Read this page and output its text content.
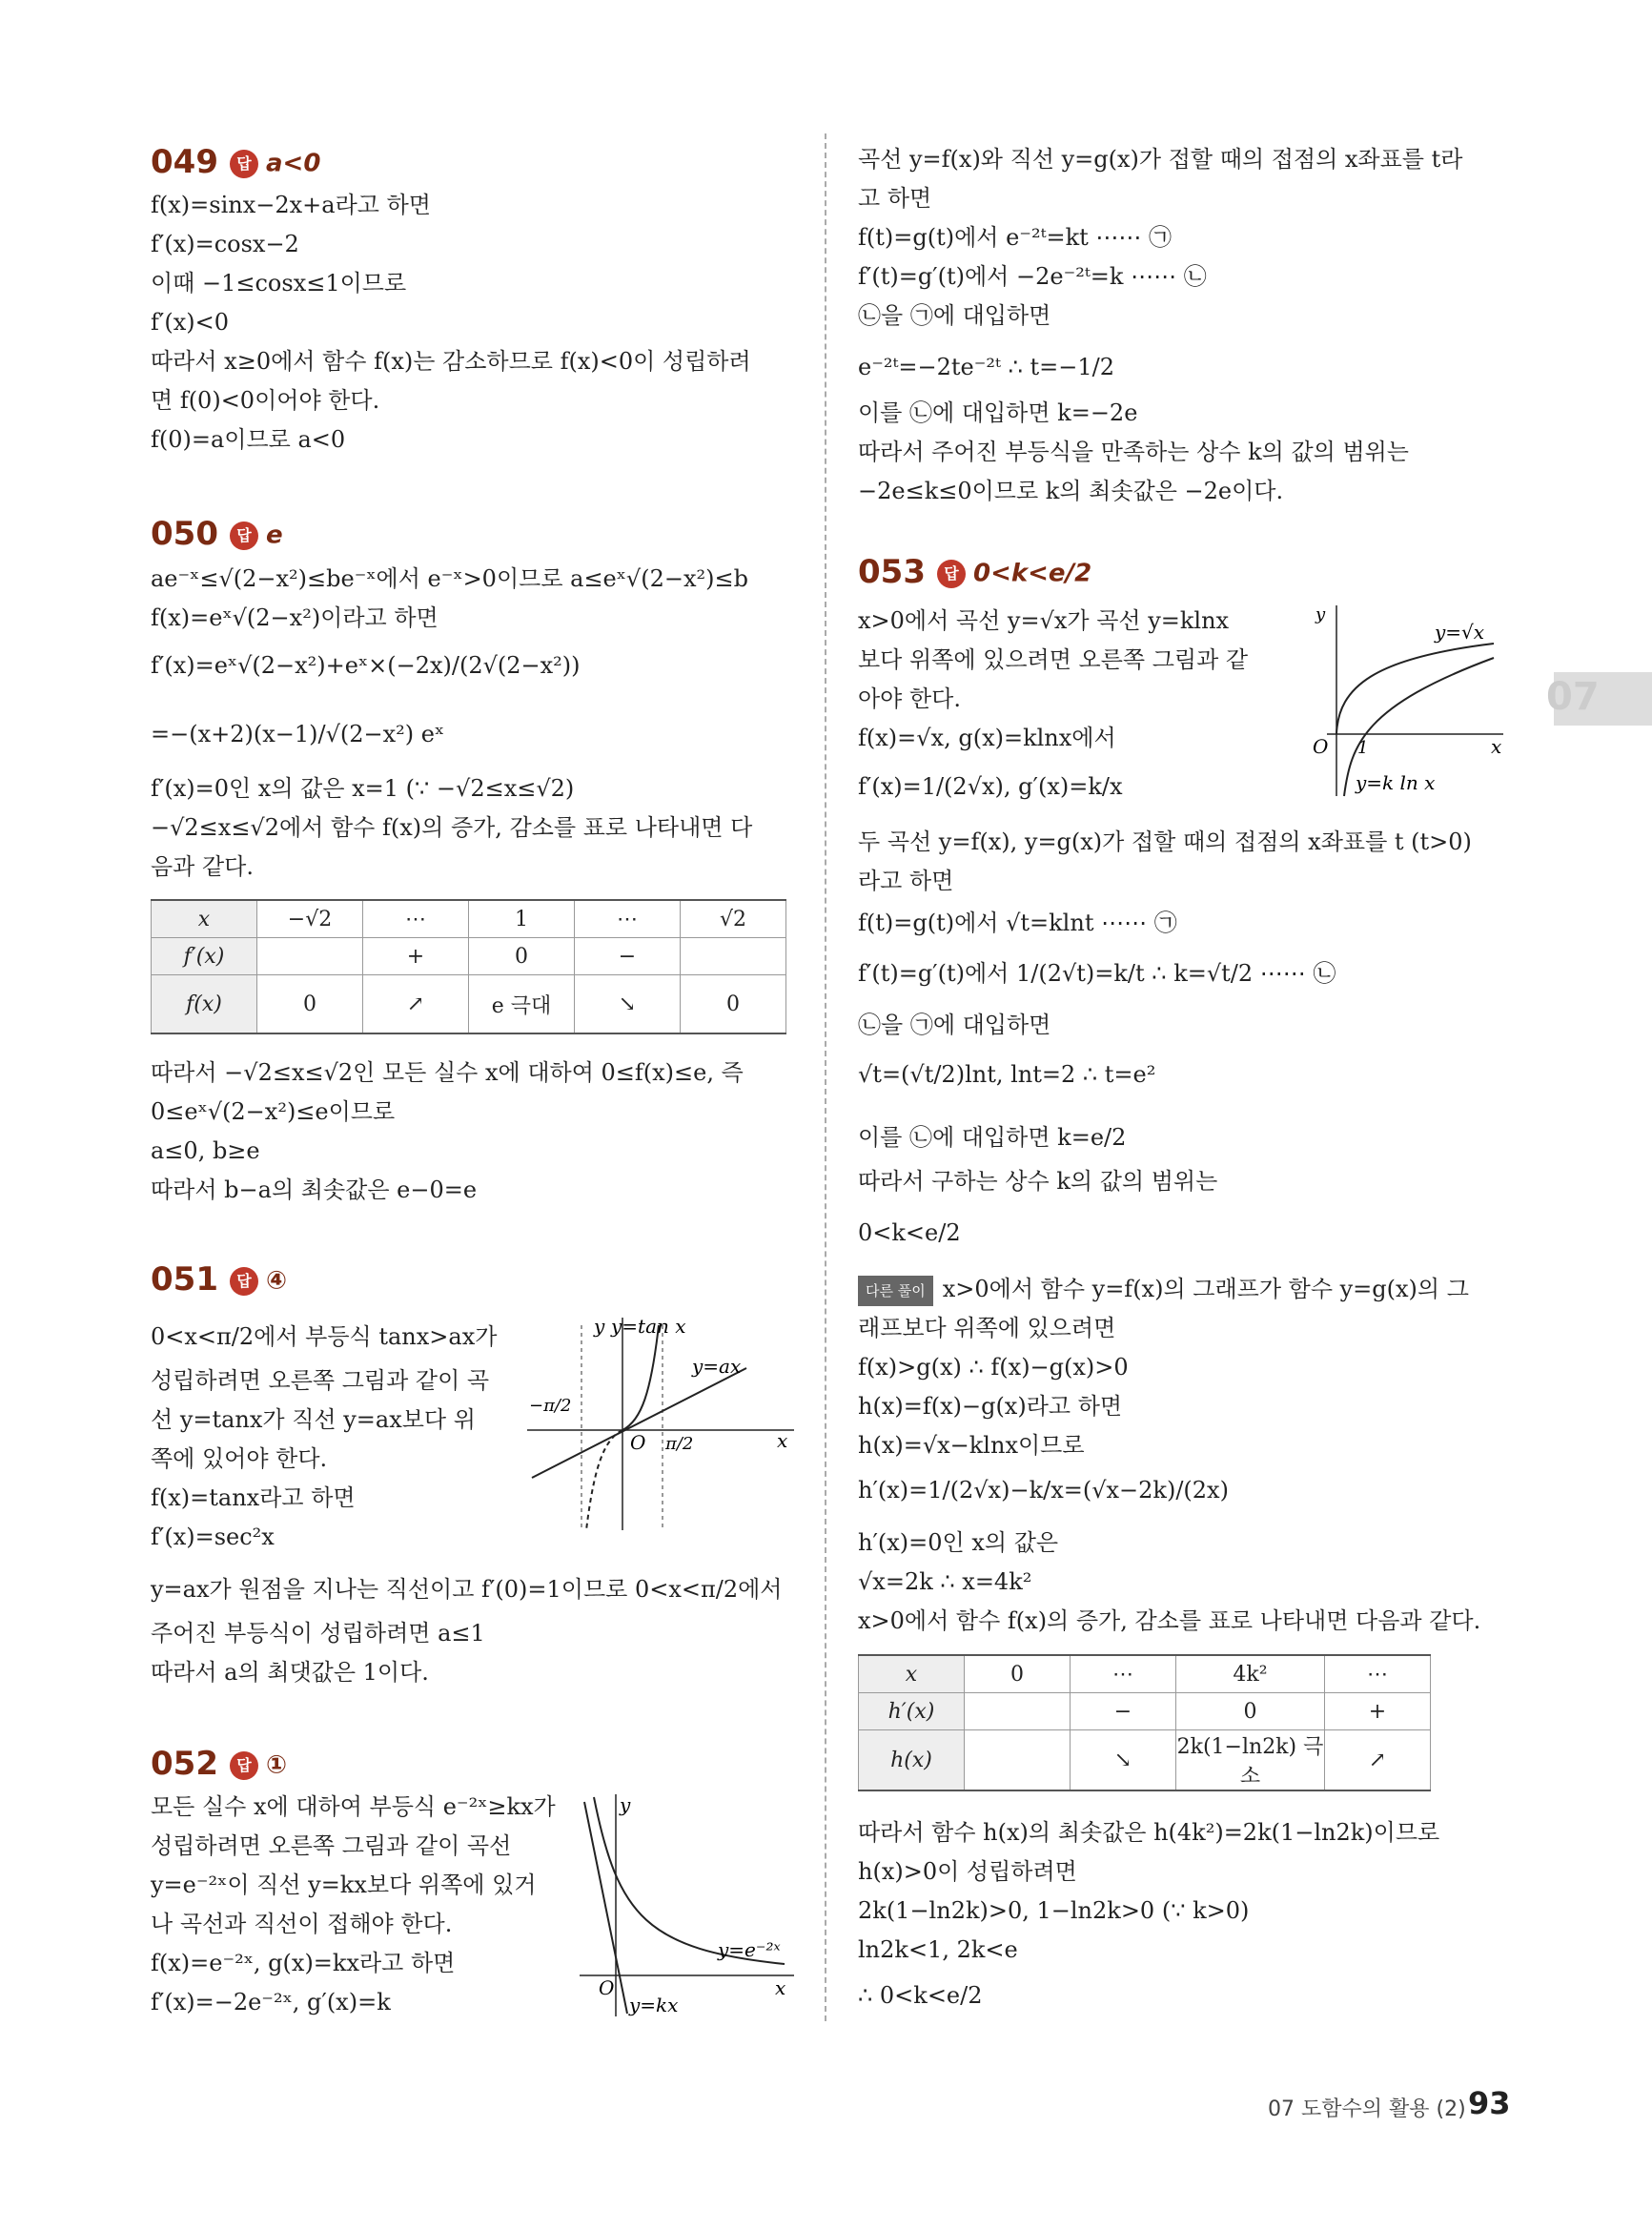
07
049 답 a<0
f(x)=sinx−2x+a라고 하면
f′(x)=cosx−2
이때 −1≤cosx≤1이므로
f′(x)<0
따라서 x≥0에서 함수 f(x)는 감소하므로 f(x)<0이 성립하려
면 f(0)<0이어야 한다.
f(0)=a이므로 a<0
050 답 e
ae⁻ˣ≤√(2−x²)≤be⁻ˣ에서 e⁻ˣ>0이므로 a≤eˣ√(2−x²)≤b
f(x)=eˣ√(2−x²)이라고 하면
f′(x)=eˣ√(2−x²)+eˣ×(−2x)/(2√(2−x²))
=−(x+2)(x−1)/√(2−x²) eˣ
f′(x)=0인 x의 값은 x=1 (∵ −√2≤x≤√2)
−√2≤x≤√2에서 함수 f(x)의 증가, 감소를 표로 나타내면 다
음과 같다.
x	−√2	⋯	1	⋯	√2
f′(x)		+	0	−	
f(x)	0	↗	e 극대	↘	0
따라서 −√2≤x≤√2인 모든 실수 x에 대하여 0≤f(x)≤e, 즉
0≤eˣ√(2−x²)≤e이므로
a≤0, b≥e
따라서 b−a의 최솟값은 e−0=e
051 답 ④
0<x<π/2에서 부등식 tanx>ax가
성립하려면 오른쪽 그림과 같이 곡
선 y=tanx가 직선 y=ax보다 위
쪽에 있어야 한다.
f(x)=tanx라고 하면
f′(x)=sec²x
y=ax가 원점을 지나는 직선이고 f′(0)=1이므로 0<x<π/2에서
주어진 부등식이 성립하려면 a≤1
따라서 a의 최댓값은 1이다.
y y=tan x
y=ax
−π/2
π/2
O	x
052 답 ①
모든 실수 x에 대하여 부등식 e⁻²ˣ≥kx가
성립하려면 오른쪽 그림과 같이 곡선
y=e⁻²ˣ이 직선 y=kx보다 위쪽에 있거
나 곡선과 직선이 접해야 한다.
f(x)=e⁻²ˣ, g(x)=kx라고 하면
f′(x)=−2e⁻²ˣ, g′(x)=k
y
y=e⁻²ˣ
y=kx
O	x
곡선 y=f(x)와 직선 y=g(x)가 접할 때의 접점의 x좌표를 t라
고 하면
f(t)=g(t)에서 e⁻²ᵗ=kt ⋯⋯ ㉠
f′(t)=g′(t)에서 −2e⁻²ᵗ=k ⋯⋯ ㉡
㉡을 ㉠에 대입하면
e⁻²ᵗ=−2te⁻²ᵗ ∴ t=−1/2
이를 ㉡에 대입하면 k=−2e
따라서 주어진 부등식을 만족하는 상수 k의 값의 범위는
−2e≤k≤0이므로 k의 최솟값은 −2e이다.
053 답 0<k<e/2
x>0에서 곡선 y=√x가 곡선 y=klnx
보다 위쪽에 있으려면 오른쪽 그림과 같
아야 한다.
f(x)=√x, g(x)=klnx에서
f′(x)=1/(2√x), g′(x)=k/x
두 곡선 y=f(x), y=g(x)가 접할 때의 접점의 x좌표를 t (t>0)
라고 하면
f(t)=g(t)에서 √t=klnt ⋯⋯ ㉠
f′(t)=g′(t)에서 1/(2√t)=k/t ∴ k=√t/2 ⋯⋯ ㉡
㉡을 ㉠에 대입하면
√t=(√t/2)lnt, lnt=2 ∴ t=e²
이를 ㉡에 대입하면 k=e/2
따라서 구하는 상수 k의 값의 범위는
0<k<e/2
y
y=√x
y=k ln x
1
O	x
다른 풀이 x>0에서 함수 y=f(x)의 그래프가 함수 y=g(x)의 그
래프보다 위쪽에 있으려면
f(x)>g(x) ∴ f(x)−g(x)>0
h(x)=f(x)−g(x)라고 하면
h(x)=√x−klnx이므로
h′(x)=1/(2√x)−k/x=(√x−2k)/(2x)
h′(x)=0인 x의 값은
√x=2k ∴ x=4k²
x>0에서 함수 f(x)의 증가, 감소를 표로 나타내면 다음과 같다.
x	0	⋯	4k²	⋯
h′(x)		−	0	+
h(x)		↘	2k(1−ln2k) 극소	↗
따라서 함수 h(x)의 최솟값은 h(4k²)=2k(1−ln2k)이므로
h(x)>0이 성립하려면
2k(1−ln2k)>0, 1−ln2k>0 (∵ k>0)
ln2k<1, 2k<e
∴ 0<k<e/2
07 도함수의 활용 (2) 93
